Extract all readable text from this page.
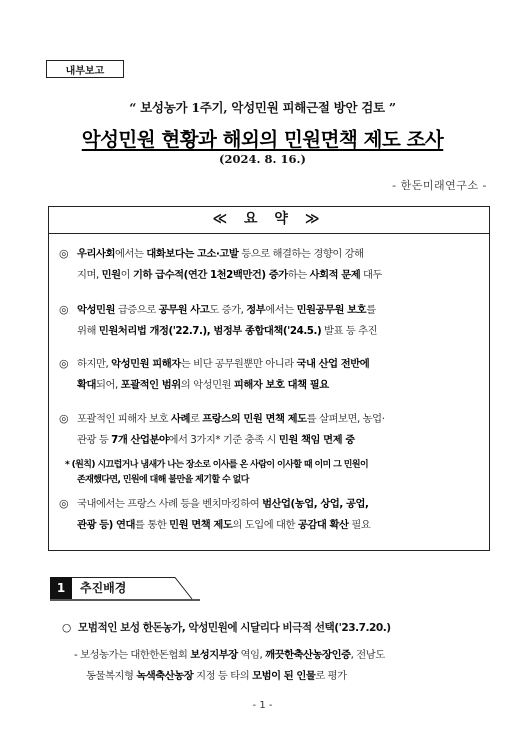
내부보고
“ 보성농가 1주기, 악성민원 피해근절 방안 검토 ”
악성민원 현황과 해외의 민원면책 제도 조사
(2024. 8. 16.)
- 한돈미래연구소 -
≪ 요 약 ≫
◎ 우리사회에서는 대화보다는 고소·고발 등으로 해결하는 경향이 강해
지며, 민원이 기하 급수적(연간 1천2백만건) 증가하는 사회적 문제 대두
◎ 악성민원 급증으로 공무원 사고도 증가, 정부에서는 민원공무원 보호를
위해 민원처리법 개정('22.7.), 범정부 종합대책('24.5.) 발표 등 추진
◎ 하지만, 악성민원 피해자는 비단 공무원뿐만 아니라 국내 산업 전반에
확대되어, 포괄적인 범위의 악성민원 피해자 보호 대책 필요
◎ 포괄적인 피해자 보호 사례로 프랑스의 민원 면책 제도를 살펴보면, 농업·
관광 등 7개 산업분야에서 3가지* 기준 충족 시 민원 책임 면제 중
* (원칙) 시끄럽거나 냄새가 나는 장소로 이사를 온 사람이 이사할 때 이미 그 민원이
존재했다면, 민원에 대해 불만을 제기할 수 없다
◎ 국내에서는 프랑스 사례 등을 벤치마킹하여 범산업(농업, 상업, 공업,
관광 등) 연대를 통한 민원 면책 제도의 도입에 대한 공감대 확산 필요
1	추진배경
○ 모범적인 보성 한돈농가, 악성민원에 시달리다 비극적 선택('23.7.20.)
- 보성농가는 대한한돈협회 보성지부장 역임, 깨끗한축산농장인증, 전남도
동물복지형 녹색축산농장 지정 등 타의 모범이 된 인물로 평가
- 1 -
